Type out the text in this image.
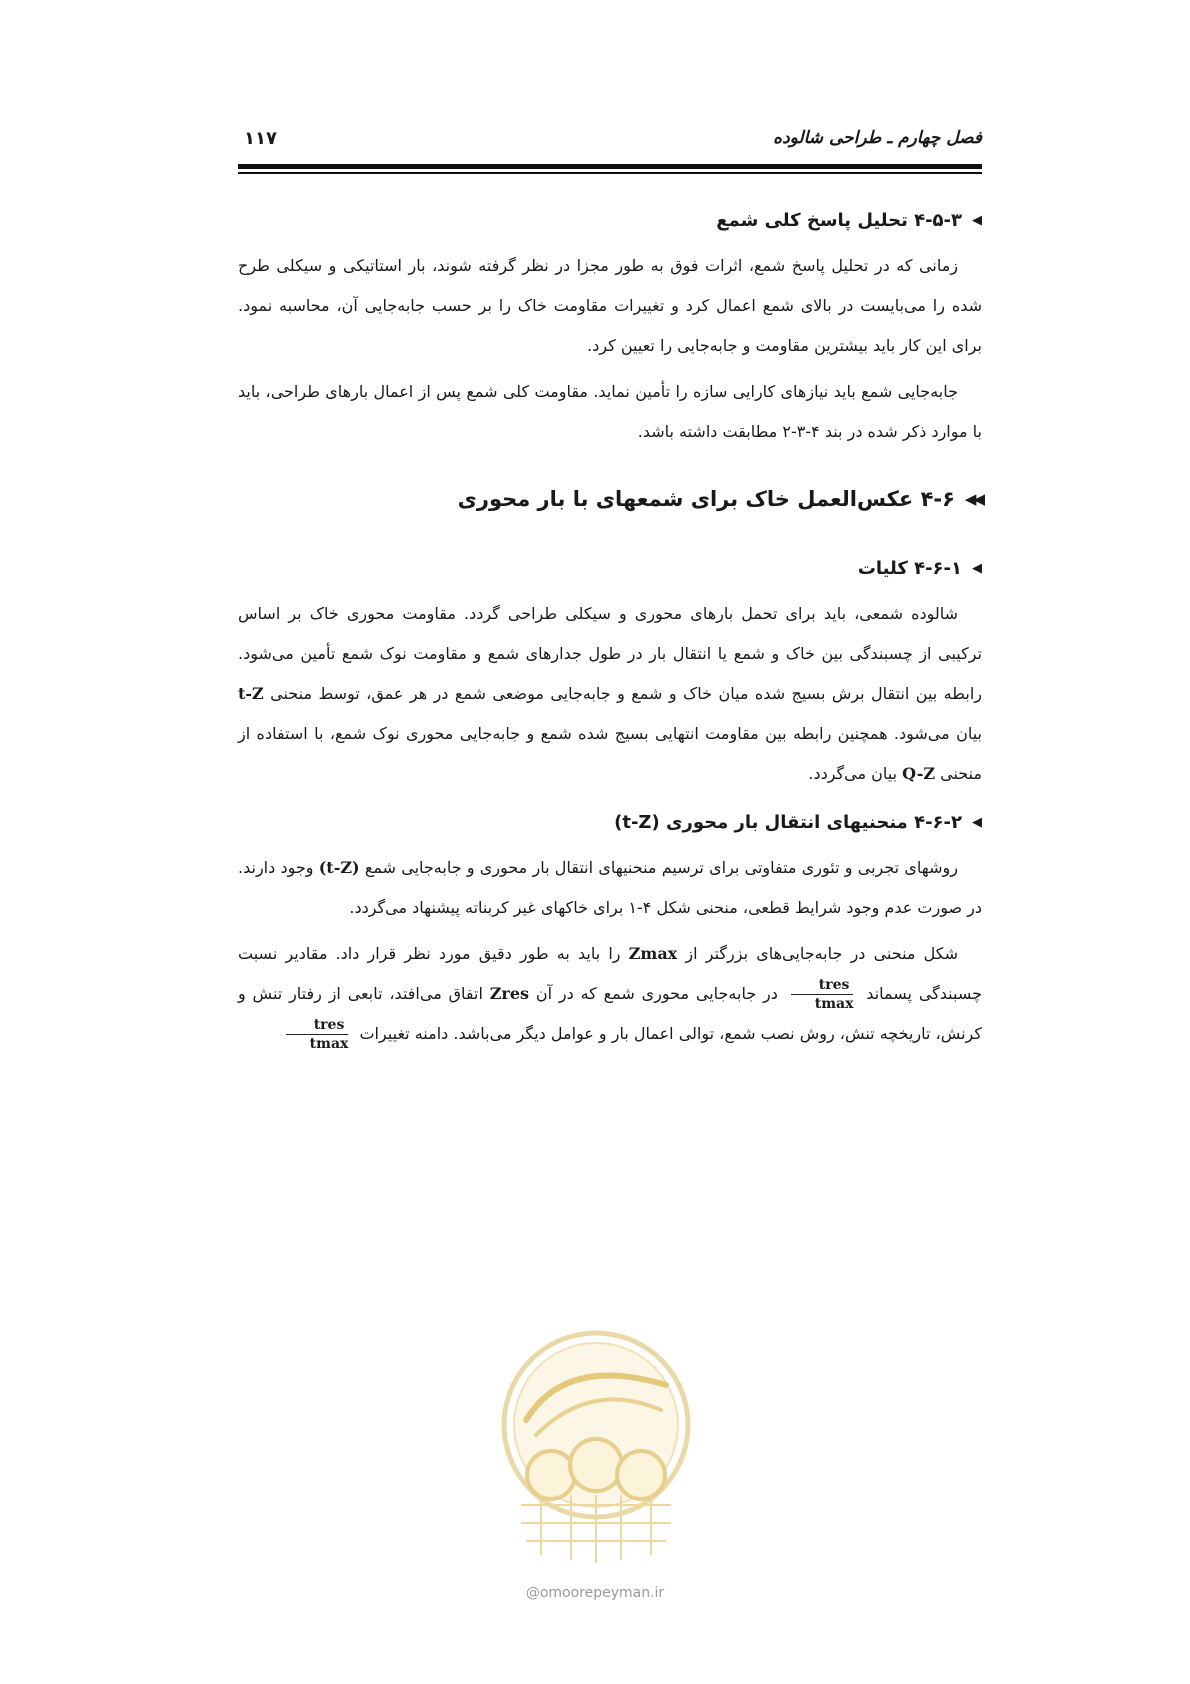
فصل چهارم ـ طراحی شالوده
۱۱۷
◀
۴-۵-۳ تحلیل پاسخ کلی شمع

زمانی که در تحلیل پاسخ شمع، اثرات فوق به طور مجزا در نظر گرفته شوند، بار استاتیکی و سیکلی طرح شده را می‌بایست در بالای شمع اعمال کرد و تغییرات مقاومت خاک را بر حسب جابه‌جایی آن، محاسبه نمود. برای این کار باید بیشترین مقاومت و جابه‌جایی را تعیین کرد.

جابه‌جایی شمع باید نیازهای کارایی سازه را تأمین نماید. مقاومت کلی شمع پس از اعمال بارهای طراحی، باید با موارد ذکر شده در بند ۴-۳-۲ مطابقت داشته باشد.

◀◀
۴-۶ عکس‌العمل خاک برای شمعهای با بار محوری
◀
۴-۶-۱ کلیات

شالوده شمعی، باید برای تحمل بارهای محوری و سیکلی طراحی گردد. مقاومت محوری خاک بر اساس ترکیبی از چسبندگی بین خاک و شمع یا انتقال بار در طول جدارهای شمع و مقاومت نوک شمع تأمین می‌شود. رابطه بین انتقال برش بسیج شده میان خاک و شمع و جابه‌جایی موضعی شمع در هر عمق، توسط منحنی t-Z بیان می‌شود. همچنین رابطه بین مقاومت انتهایی بسیج شده شمع و جابه‌جایی محوری نوک شمع، با استفاده از منحنی Q-Z بیان می‌گردد.

◀
۴-۶-۲ منحنیهای انتقال بار محوری (t-Z)

روشهای تجربی و تئوری متفاوتی برای ترسیم منحنیهای انتقال بار محوری و جابه‌جایی شمع (t-Z) وجود دارند. در صورت عدم وجود شرایط قطعی، منحنی شکل ۴-۱ برای خاکهای غیر کربناته پیشنهاد می‌گردد.

شکل منحنی در جابه‌جایی‌های بزرگتر از Zmax را باید به طور دقیق مورد نظر قرار داد. مقادیر نسبت چسبندگی پسماند
$\frac{\text{tres}}{tmax}$
در جابه‌جایی محوری شمع که در آن Zres اتفاق می‌افتد، تابعی از رفتار تنش و کرنش، تاریخچه تنش، روش نصب شمع، توالی اعمال بار و عوامل دیگر می‌باشد. دامنه تغییرات
$\frac{\text{tres}}{tmax}$

@omoorepeyman.ir
